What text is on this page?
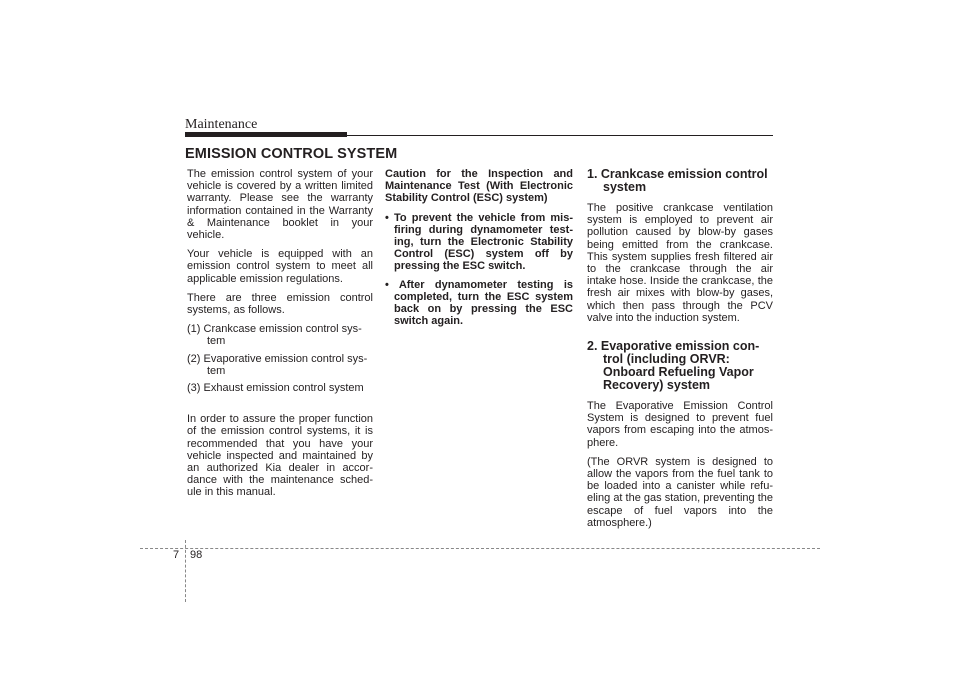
Maintenance
EMISSION CONTROL SYSTEM

The emission control system of your vehicle is covered by a written limited warranty. Please see the warranty information contained in the Warranty & Maintenance booklet in your vehicle.

Your vehicle is equipped with an emission control system to meet all applicable emission regulations.

There are three emission control systems, as follows.

(1) Crankcase emission control sys-tem
(2) Evaporative emission control sys-tem
(3) Exhaust emission control system

In order to assure the proper function of the emission control systems, it is recommended that you have your vehicle inspected and maintained by an authorized Kia dealer in accor-dance with the maintenance sched-ule in this manual.

Caution for the Inspection and Maintenance Test (With Electronic Stability Control (ESC) system)

• To prevent the vehicle from mis-firing during dynamometer test-ing, turn the Electronic Stability Control (ESC) system off by pressing the ESC switch.
• After dynamometer testing is completed, turn the ESC system back on by pressing the ESC switch again.
1. Crankcase emission control system

The positive crankcase ventilation system is employed to prevent air pollution caused by blow-by gases being emitted from the crankcase. This system supplies fresh filtered air to the crankcase through the air intake hose. Inside the crankcase, the fresh air mixes with blow-by gases, which then pass through the PCV valve into the induction system.

2. Evaporative emission con-trol (including ORVR: Onboard Refueling Vapor Recovery) system

The Evaporative Emission Control System is designed to prevent fuel vapors from escaping into the atmos-phere.

(The ORVR system is designed to allow the vapors from the fuel tank to be loaded into a canister while refu-eling at the gas station, preventing the escape of fuel vapors into the atmosphere.)

7 98
